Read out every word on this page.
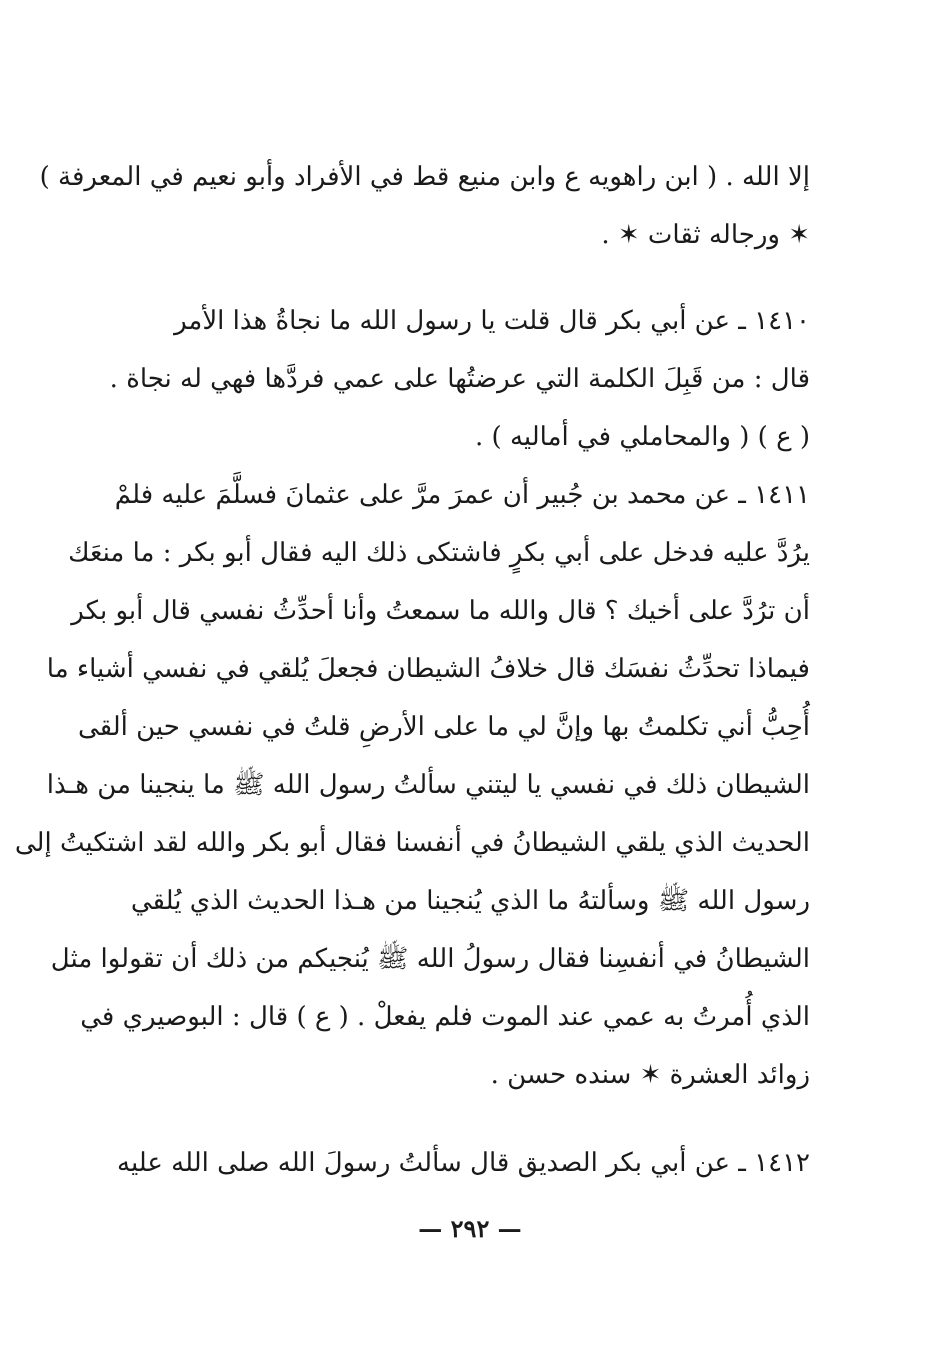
إلا الله . ( ابن راهويه ع وابن منيع قط في الأفراد وأبو نعيم في المعرفة )
✶ ورجاله ثقات ✶ .
١٤١٠ ـ عن أبي بكر قال قلت يا رسول الله ما نجاةُ هذا الأمر
قال : من قَبِلَ الكلمة التي عرضتُها على عمي فردَّها فهي له نجاة .
( ع ) ( والمحاملي في أماليه ) .
١٤١١ ـ عن محمد بن جُبير أن عمرَ مرَّ على عثمانَ فسلَّمَ عليه فلمْ
يرُدَّ عليه فدخل على أبي بكرٍ فاشتكى ذلك اليه فقال أبو بكر : ما منعَك
أن ترُدَّ على أخيك ؟ قال والله ما سمعتُ وأنا أحدِّثُ نفسي قال أبو بكر
فيماذا تحدِّثُ نفسَك قال خلافُ الشيطان فجعلَ يُلقي في نفسي أشياء ما
أُحِبُّ أني تكلمتُ بها وإنَّ لي ما على الأرضِ قلتُ في نفسي حين ألقى
الشيطان ذلك في نفسي يا ليتني سألتُ رسول الله ﷺ ما ينجينا من هـذا
الحديث الذي يلقي الشيطانُ في أنفسنا فقال أبو بكر والله لقد اشتكيتُ إلى
رسول الله ﷺ وسألتهُ ما الذي يُنجينا من هـذا الحديث الذي يُلقي
الشيطانُ في أنفسِنا فقال رسولُ الله ﷺ يُنجيكم من ذلك أن تقولوا مثل
الذي أُمرتُ به عمي عند الموت فلم يفعلْ . ( ع ) قال : البوصيري في
زوائد العشرة ✶ سنده حسن .
١٤١٢ ـ عن أبي بكر الصديق قال سألتُ رسولَ الله صلى الله عليه
— ٢٩٢ —
